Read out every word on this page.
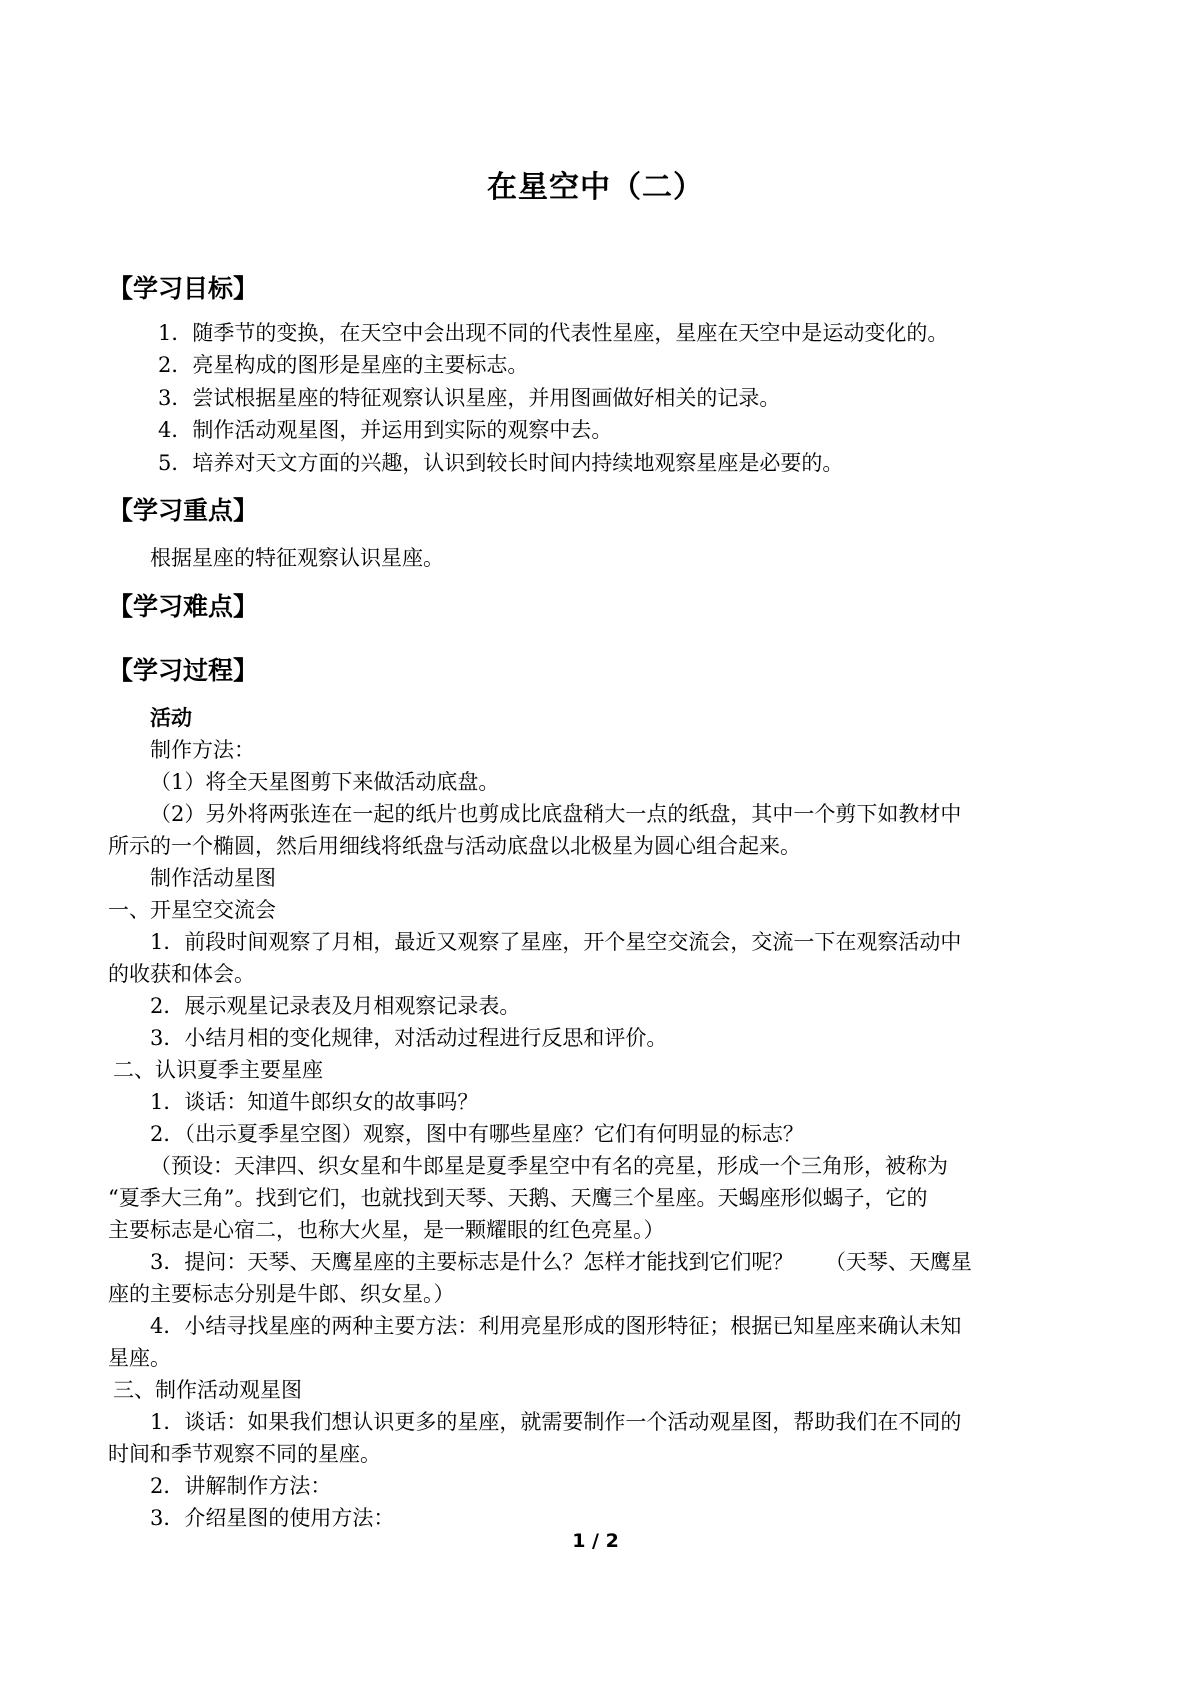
在星空中（二）
【学习目标】
1．随季节的变换，在天空中会出现不同的代表性星座，星座在天空中是运动变化的。
2．亮星构成的图形是星座的主要标志。
3．尝试根据星座的特征观察认识星座，并用图画做好相关的记录。
4．制作活动观星图，并运用到实际的观察中去。
5．培养对天文方面的兴趣，认识到较长时间内持续地观察星座是必要的。
【学习重点】
根据星座的特征观察认识星座。
【学习难点】
【学习过程】
活动
制作方法：
（1）将全天星图剪下来做活动底盘。
（2）另外将两张连在一起的纸片也剪成比底盘稍大一点的纸盘，其中一个剪下如教材中
所示的一个椭圆，然后用细线将纸盘与活动底盘以北极星为圆心组合起来。
制作活动星图
一、开星空交流会
1．前段时间观察了月相，最近又观察了星座，开个星空交流会，交流一下在观察活动中
的收获和体会。
2．展示观星记录表及月相观察记录表。
3．小结月相的变化规律，对活动过程进行反思和评价。
二、认识夏季主要星座
1．谈话：知道牛郎织女的故事吗？
2．（出示夏季星空图）观察，图中有哪些星座？它们有何明显的标志？
（预设：天津四、织女星和牛郎星是夏季星空中有名的亮星，形成一个三角形，被称为
“夏季大三角”。找到它们，也就找到天琴、天鹅、天鹰三个星座。天蝎座形似蝎子，它的
主要标志是心宿二，也称大火星，是一颗耀眼的红色亮星。）
3．提问：天琴、天鹰星座的主要标志是什么？怎样才能找到它们呢？　　（天琴、天鹰星
座的主要标志分别是牛郎、织女星。）
4．小结寻找星座的两种主要方法：利用亮星形成的图形特征；根据已知星座来确认未知
星座。
三、制作活动观星图
1．谈话：如果我们想认识更多的星座，就需要制作一个活动观星图，帮助我们在不同的
时间和季节观察不同的星座。
2．讲解制作方法：
3．介绍星图的使用方法：
1 / 2
